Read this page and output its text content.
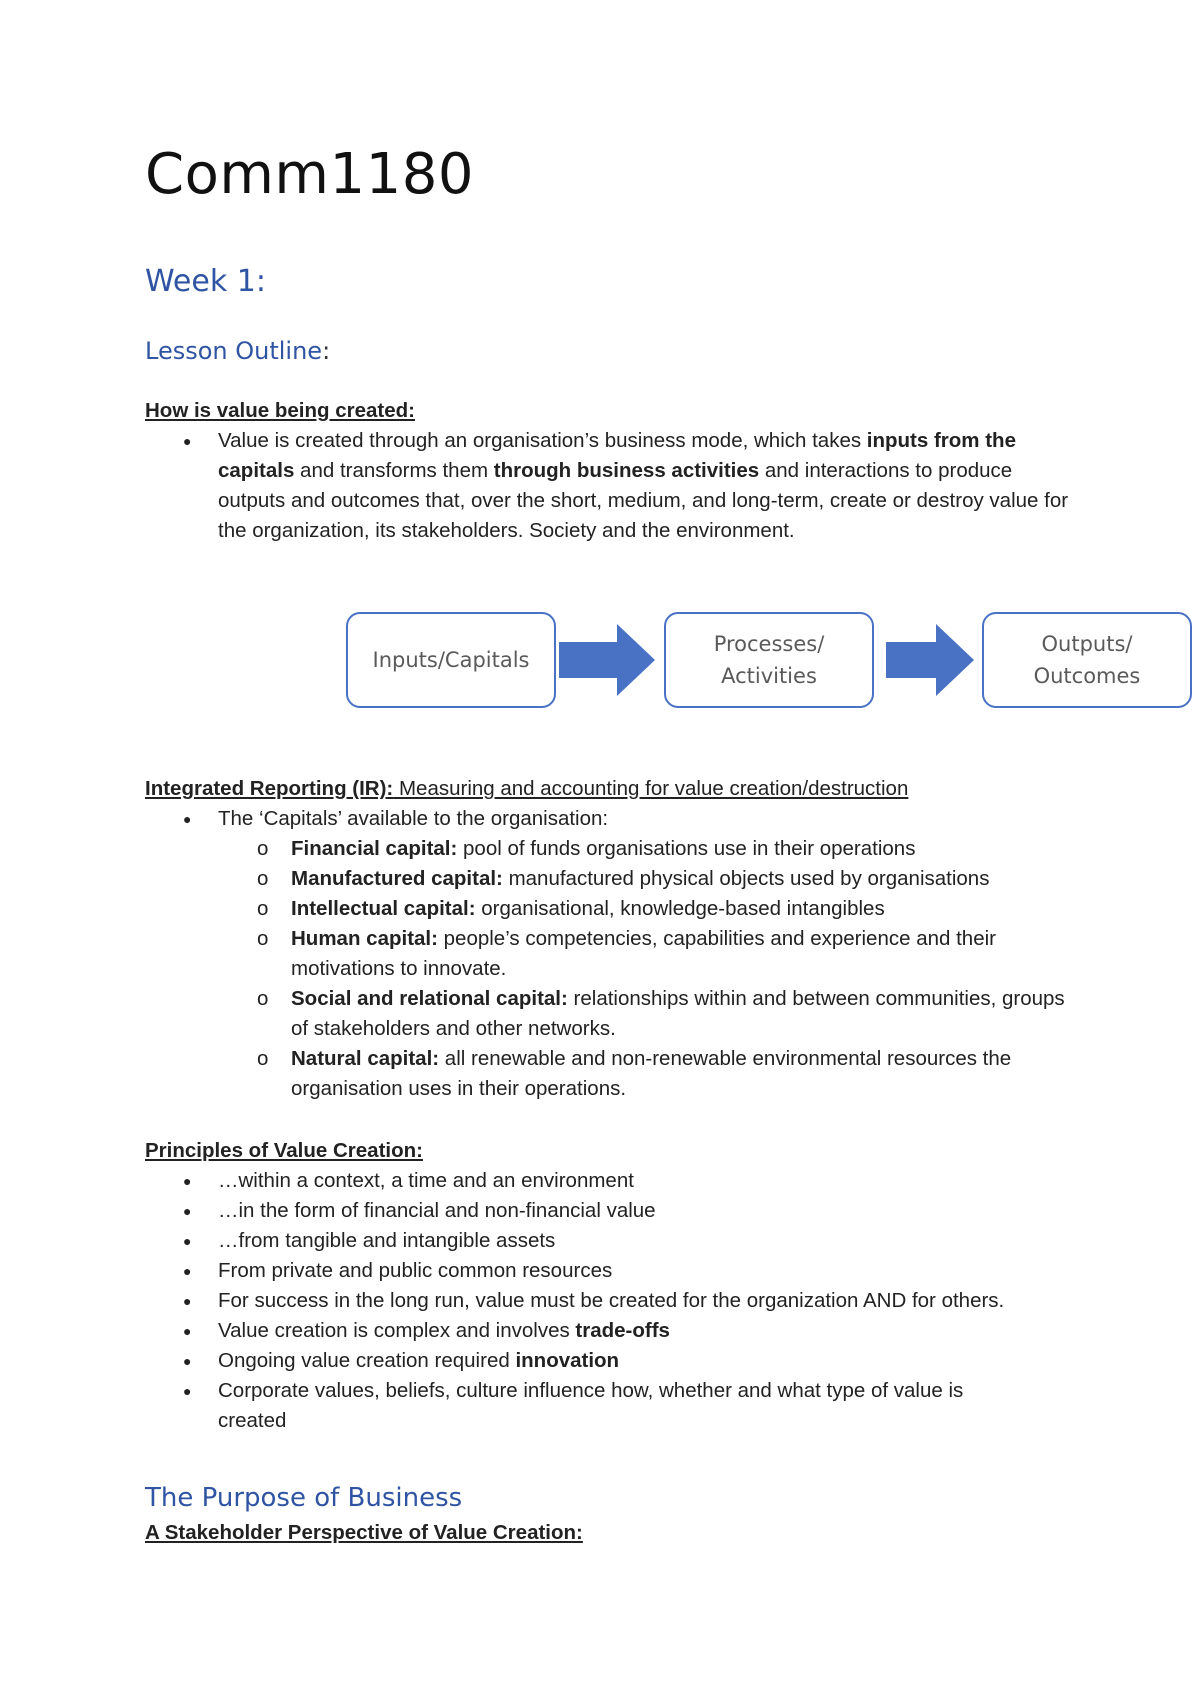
Comm1180
Week 1:
Lesson Outline:
How is value being created:
● Value is created through an organisation’s business mode, which takes inputs from the capitals and transforms them through business activities and interactions to produce outputs and outcomes that, over the short, medium, and long-term, create or destroy value for the organization, its stakeholders. Society and the environment.
Inputs/Capitals
Processes/
Activities
Outputs/
Outcomes
Integrated Reporting (IR): Measuring and accounting for value creation/destruction
● The ‘Capitals’ available to the organisation:
o Financial capital: pool of funds organisations use in their operations
o Manufactured capital: manufactured physical objects used by organisations
o Intellectual capital: organisational, knowledge-based intangibles
o Human capital: people’s competencies, capabilities and experience and their motivations to innovate.
o Social and relational capital: relationships within and between communities, groups of stakeholders and other networks.
o Natural capital: all renewable and non-renewable environmental resources the organisation uses in their operations.
Principles of Value Creation:
● …within a context, a time and an environment
● …in the form of financial and non-financial value
● …from tangible and intangible assets
● From private and public common resources
● For success in the long run, value must be created for the organization AND for others.
● Value creation is complex and involves trade-offs
● Ongoing value creation required innovation
● Corporate values, beliefs, culture influence how, whether and what type of value is created
The Purpose of Business
A Stakeholder Perspective of Value Creation:
